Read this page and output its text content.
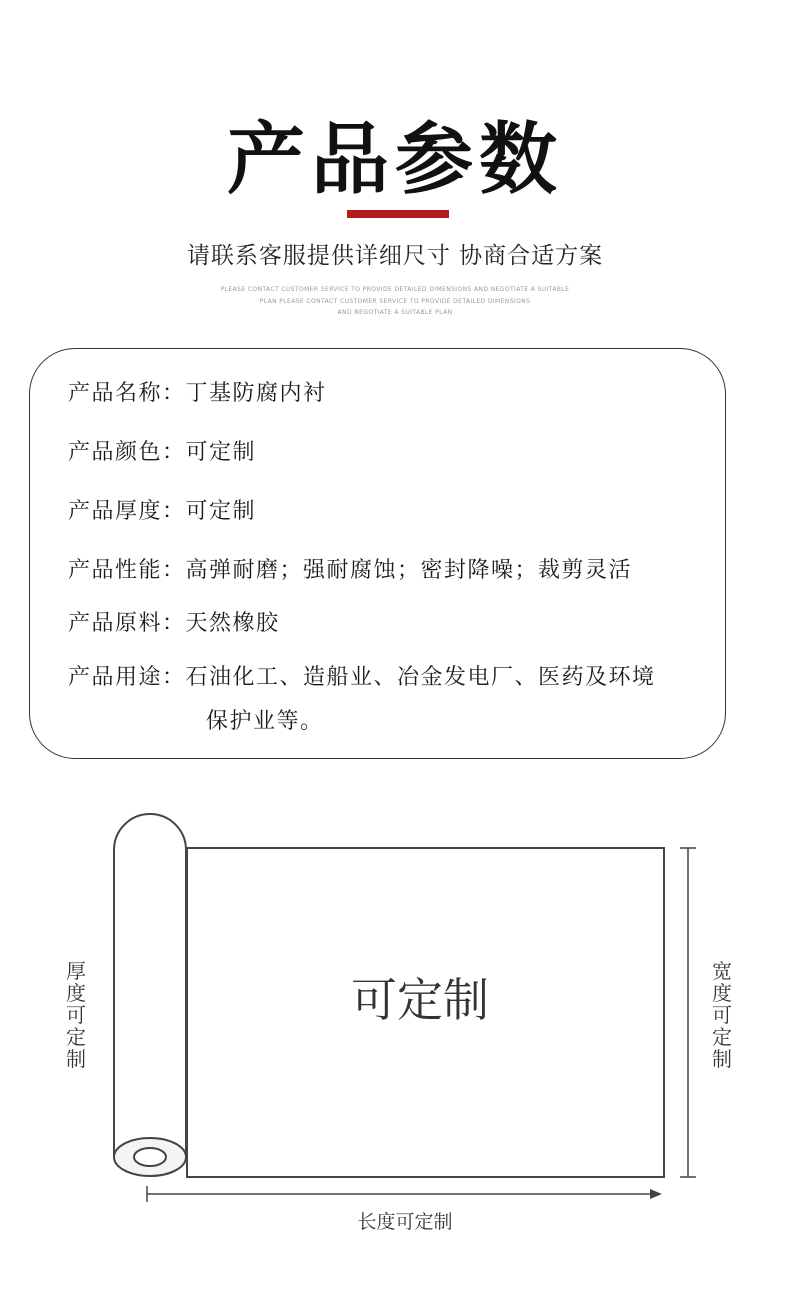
产品参数
请联系客服提供详细尺寸 协商合适方案
PLEASE CONTACT CUSTOMER SERVICE TO PROVIDE DETAILED DIMENSIONS AND NEGOTIATE A SUITABLE
PLAN PLEASE CONTACT CUSTOMER SERVICE TO PROVIDE DETAILED DIMENSIONS
AND NEGOTIATE A SUITABLE PLAN
产品名称：丁基防腐内衬
产品颜色：可定制
产品厚度：可定制
产品性能：高弹耐磨；强耐腐蚀；密封降噪；裁剪灵活
产品原料：天然橡胶
产品用途：石油化工、造船业、冶金发电厂、医药及环境
保护业等。
可定制
厚度可定制
宽度可定制
长度可定制
